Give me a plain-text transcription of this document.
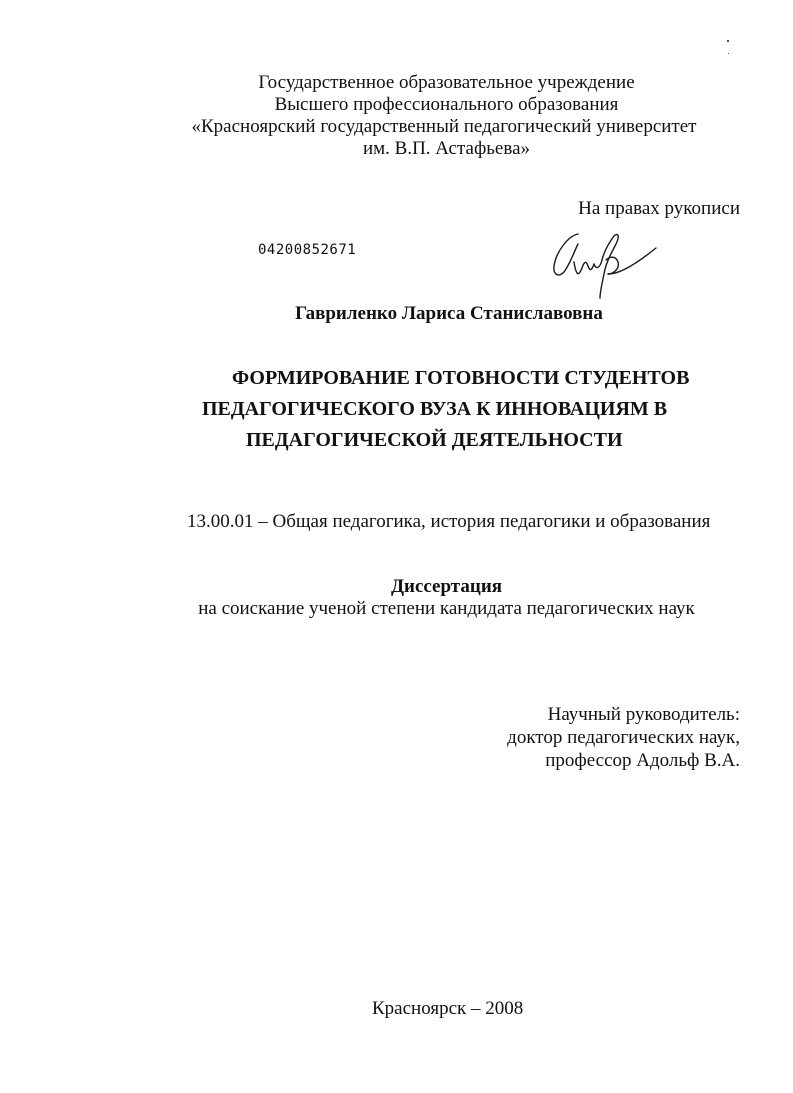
Государственное образовательное учреждение
Высшего профессионального образования
«Красноярский государственный педагогический университет
им. В.П. Астафьева»
На правах рукописи
04200852671
Гавриленко Лариса Станиславовна
ФОРМИРОВАНИЕ ГОТОВНОСТИ СТУДЕНТОВ
ПЕДАГОГИЧЕСКОГО ВУЗА К ИННОВАЦИЯМ В
ПЕДАГОГИЧЕСКОЙ ДЕЯТЕЛЬНОСТИ
13.00.01 – Общая педагогика, история педагогики и образования
Диссертация
на соискание ученой степени кандидата педагогических наук
Научный руководитель:
доктор педагогических наук,
профессор Адольф В.А.
Красноярск – 2008
